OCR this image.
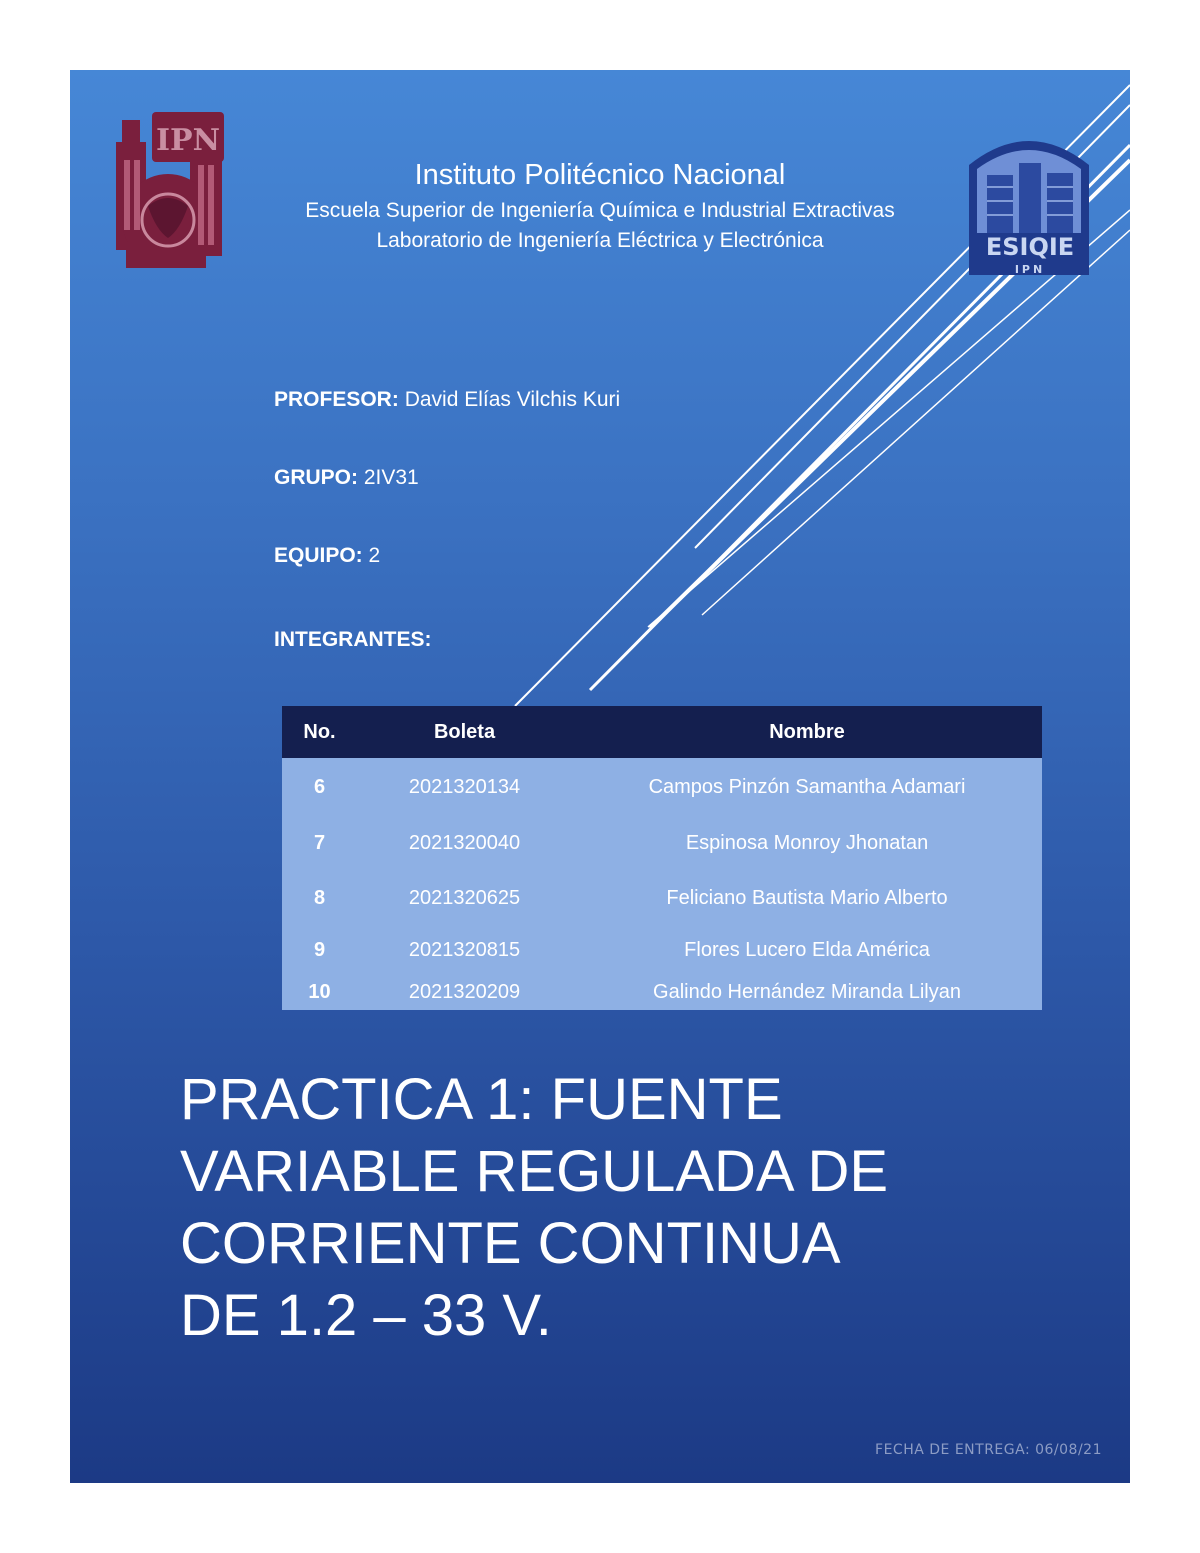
IPN
ESIQIE
IPN
Instituto Politécnico Nacional
Escuela Superior de Ingeniería Química e Industrial Extractivas
Laboratorio de Ingeniería Eléctrica y Electrónica
PROFESOR: David Elías Vilchis Kuri
GRUPO: 2IV31
EQUIPO: 2
INTEGRANTES:
No.	Boleta	Nombre
6	2021320134	Campos Pinzón Samantha Adamari
7	2021320040	Espinosa Monroy Jhonatan
8	2021320625	Feliciano Bautista Mario Alberto
9	2021320815	Flores Lucero Elda América
10	2021320209	Galindo Hernández Miranda Lilyan
PRACTICA 1: FUENTE
VARIABLE REGULADA DE
CORRIENTE CONTINUA
DE 1.2 – 33 V.
FECHA DE ENTREGA: 06/08/21
